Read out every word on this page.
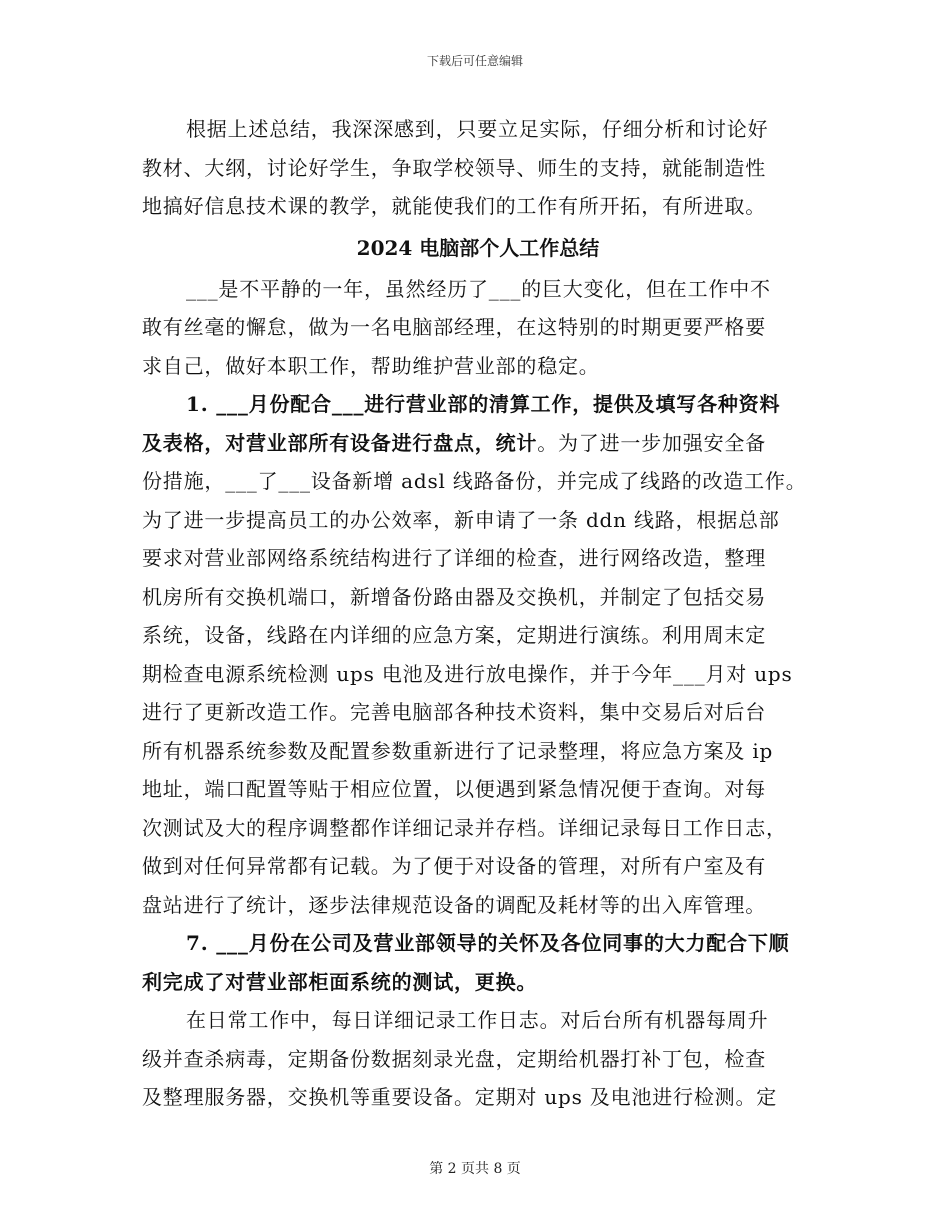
下载后可任意编辑
根据上述总结，我深深感到，只要立足实际，仔细分析和讨论好
教材、大纲，讨论好学生，争取学校领导、师生的支持，就能制造性
地搞好信息技术课的教学，就能使我们的工作有所开拓，有所进取。
2024 电脑部个人工作总结
___是不平静的一年，虽然经历了___的巨大变化，但在工作中不
敢有丝毫的懈怠，做为一名电脑部经理，在这特别的时期更要严格要
求自己，做好本职工作，帮助维护营业部的稳定。
1. ___月份配合___进行营业部的清算工作，提供及填写各种资料
及表格，对营业部所有设备进行盘点，统计。为了进一步加强安全备
份措施，___了___设备新增 adsl 线路备份，并完成了线路的改造工作。
为了进一步提高员工的办公效率，新申请了一条 ddn 线路，根据总部
要求对营业部网络系统结构进行了详细的检查，进行网络改造，整理
机房所有交换机端口，新增备份路由器及交换机，并制定了包括交易
系统，设备，线路在内详细的应急方案，定期进行演练。利用周末定
期检查电源系统检测 ups 电池及进行放电操作，并于今年___月对 ups
进行了更新改造工作。完善电脑部各种技术资料，集中交易后对后台
所有机器系统参数及配置参数重新进行了记录整理，将应急方案及 ip
地址，端口配置等贴于相应位置，以便遇到紧急情况便于查询。对每
次测试及大的程序调整都作详细记录并存档。详细记录每日工作日志，
做到对任何异常都有记载。为了便于对设备的管理，对所有户室及有
盘站进行了统计，逐步法律规范设备的调配及耗材等的出入库管理。
7. ___月份在公司及营业部领导的关怀及各位同事的大力配合下顺
利完成了对营业部柜面系统的测试，更换。
在日常工作中，每日详细记录工作日志。对后台所有机器每周升
级并查杀病毒，定期备份数据刻录光盘，定期给机器打补丁包，检查
及整理服务器，交换机等重要设备。定期对 ups 及电池进行检测。定
第 2 页共 8 页
